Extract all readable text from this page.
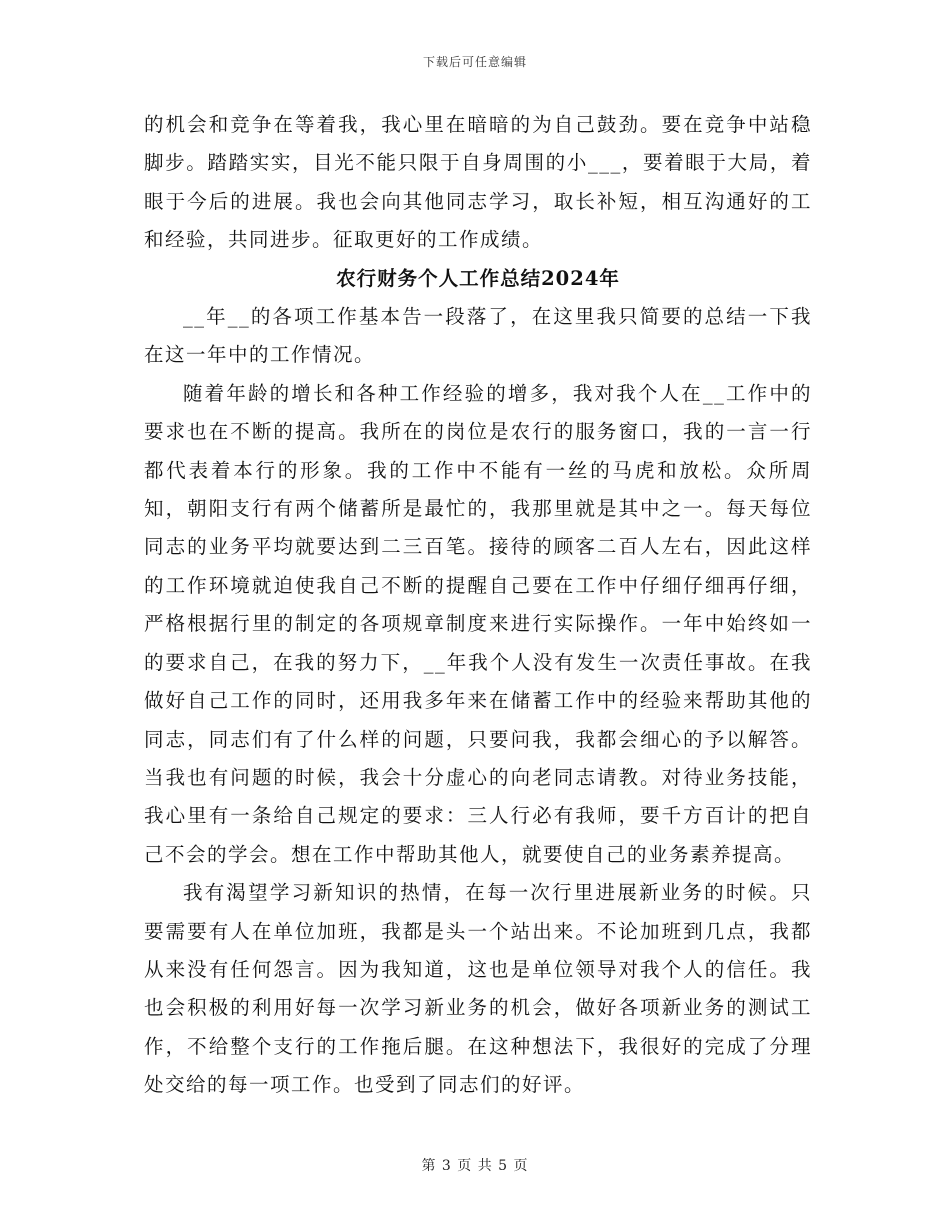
下载后可任意编辑

的机会和竞争在等着我，我心里在暗暗的为自己鼓劲。要在竞争中站稳脚步。踏踏实实，目光不能只限于自身周围的小___，要着眼于大局，着眼于今后的进展。我也会向其他同志学习，取长补短，相互沟通好的工和经验，共同进步。征取更好的工作成绩。

农行财务个人工作总结2024年

__年__的各项工作基本告一段落了，在这里我只简要的总结一下我在这一年中的工作情况。

随着年龄的增长和各种工作经验的增多，我对我个人在__工作中的要求也在不断的提高。我所在的岗位是农行的服务窗口，我的一言一行都代表着本行的形象。我的工作中不能有一丝的马虎和放松。众所周知，朝阳支行有两个储蓄所是最忙的，我那里就是其中之一。每天每位同志的业务平均就要达到二三百笔。接待的顾客二百人左右，因此这样的工作环境就迫使我自己不断的提醒自己要在工作中仔细仔细再仔细，严格根据行里的制定的各项规章制度来进行实际操作。一年中始终如一的要求自己，在我的努力下，__年我个人没有发生一次责任事故。在我做好自己工作的同时，还用我多年来在储蓄工作中的经验来帮助其他的同志，同志们有了什么样的问题，只要问我，我都会细心的予以解答。当我也有问题的时候，我会十分虚心的向老同志请教。对待业务技能，我心里有一条给自己规定的要求：三人行必有我师，要千方百计的把自己不会的学会。想在工作中帮助其他人，就要使自己的业务素养提高。

我有渴望学习新知识的热情，在每一次行里进展新业务的时候。只要需要有人在单位加班，我都是头一个站出来。不论加班到几点，我都从来没有任何怨言。因为我知道，这也是单位领导对我个人的信任。我也会积极的利用好每一次学习新业务的机会，做好各项新业务的测试工作，不给整个支行的工作拖后腿。在这种想法下，我很好的完成了分理处交给的每一项工作。也受到了同志们的好评。

第 3 页 共 5 页
